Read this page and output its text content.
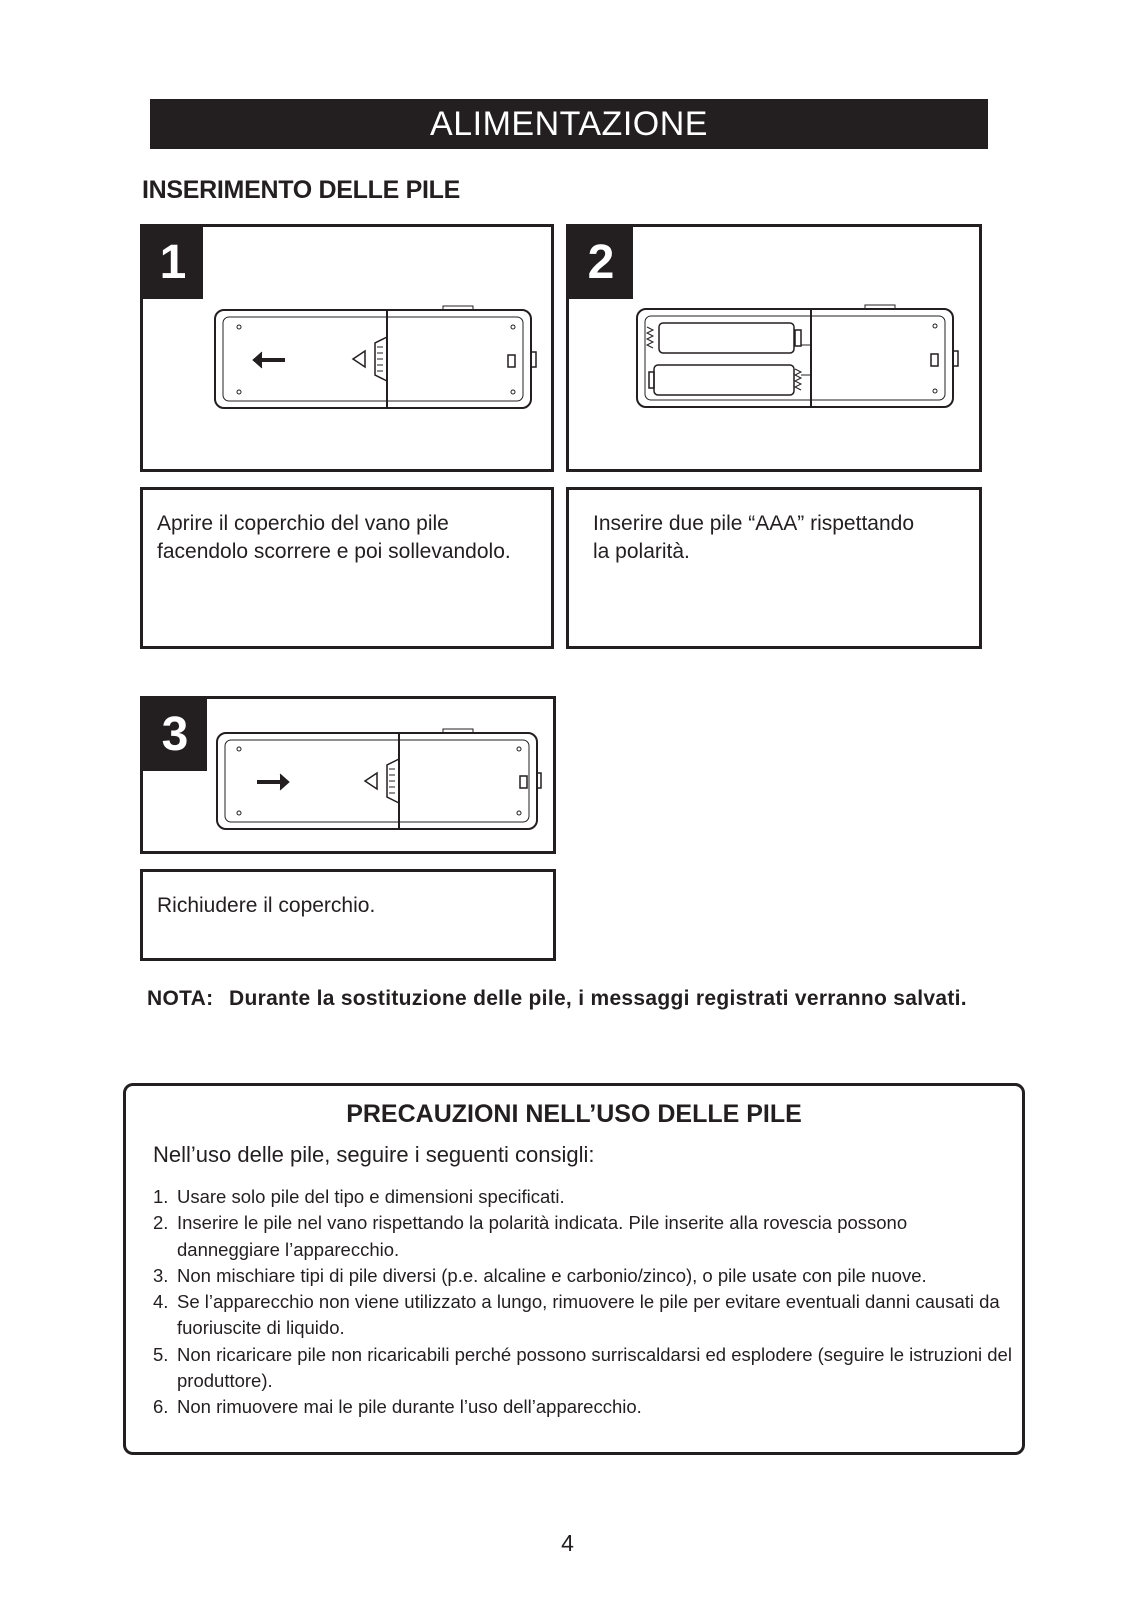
ALIMENTAZIONE
INSERIMENTO DELLE PILE
1	2
Aprire il coperchio del vano pile
facendolo scorrere e poi sollevandolo.
Inserire due pile “AAA” rispettando
la polarità.
3
Richiudere il coperchio.
NOTA: Durante la sostituzione delle pile, i messaggi registrati verranno salvati.
PRECAUZIONI NELL’USO DELLE PILE
Nell’uso delle pile, seguire i seguenti consigli:
1. Usare solo pile del tipo e dimensioni specificati.
2. Inserire le pile nel vano rispettando la polarità indicata. Pile inserite alla rovescia possono danneggiare l’apparecchio.
3. Non mischiare tipi di pile diversi (p.e. alcaline e carbonio/zinco), o pile usate con pile nuove.
4. Se l’apparecchio non viene utilizzato a lungo, rimuovere le pile per evitare eventuali danni causati da fuoriuscite di liquido.
5. Non ricaricare pile non ricaricabili perché possono surriscaldarsi ed esplodere (seguire le istruzioni del produttore).
6. Non rimuovere mai le pile durante l’uso dell’apparecchio.
4
